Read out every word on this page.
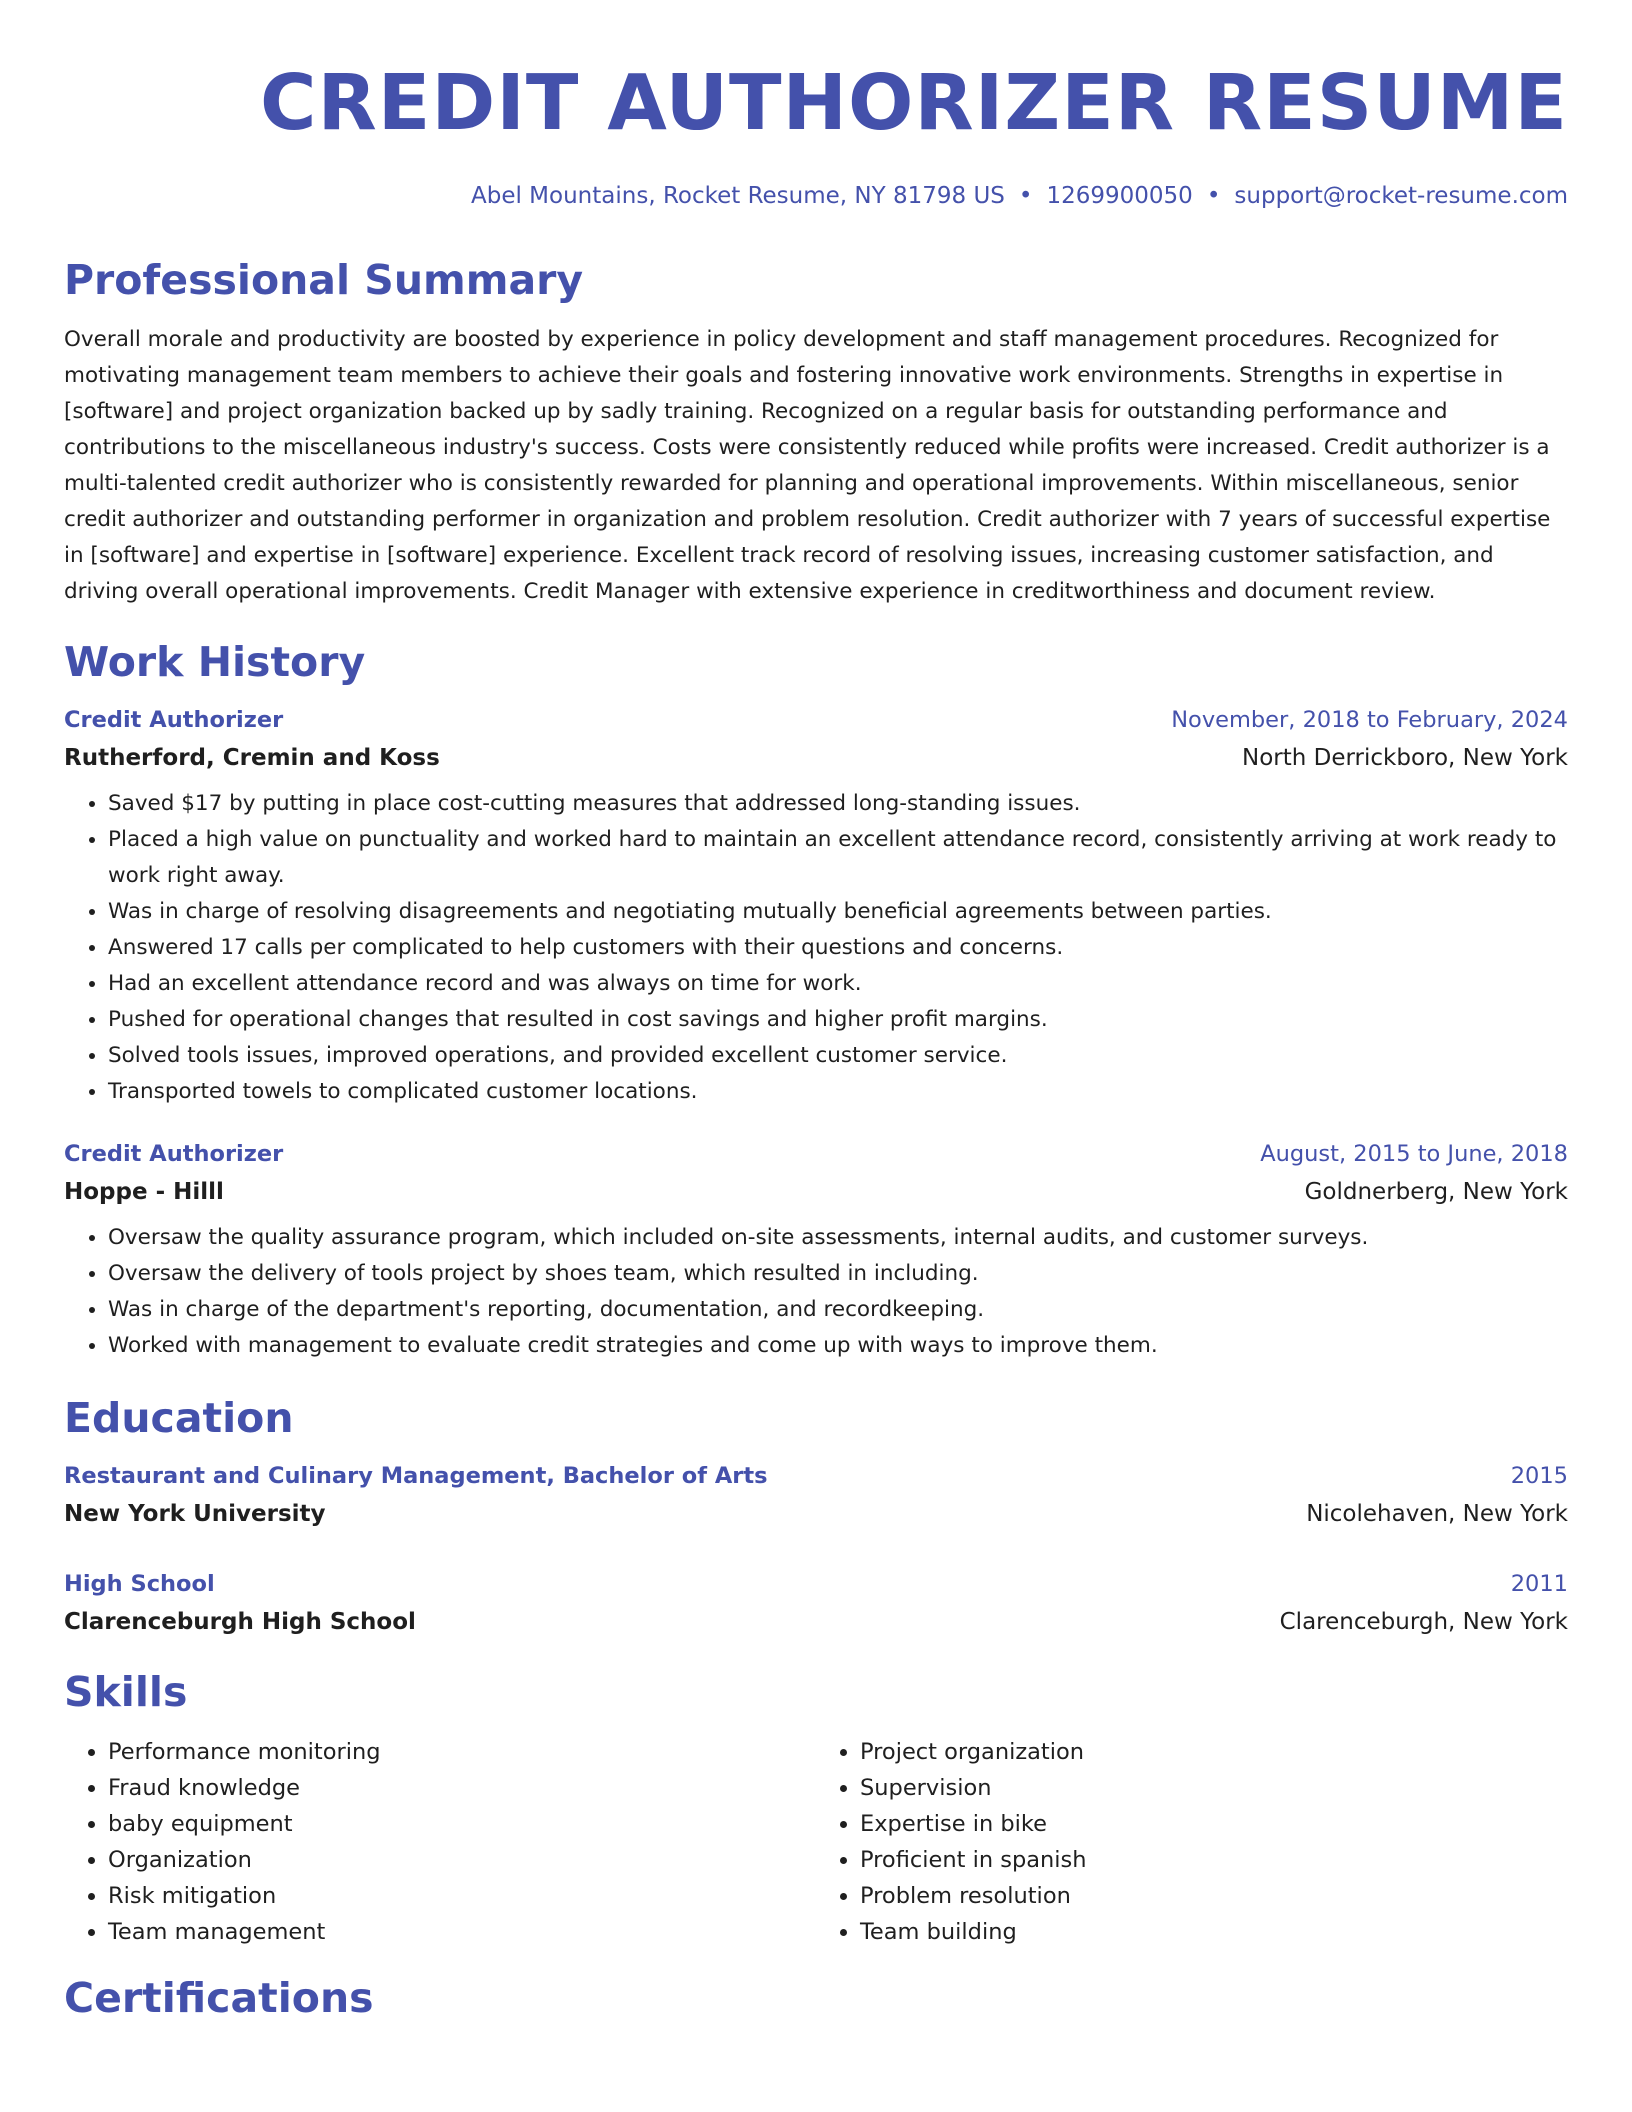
CREDIT AUTHORIZER RESUME
Abel Mountains, Rocket Resume, NY 81798 US • 1269900050 • support@rocket-resume.com
Professional Summary
Overall morale and productivity are boosted by experience in policy development and staff management procedures. Recognized for motivating management team members to achieve their goals and fostering innovative work environments. Strengths in expertise in [software] and project organization backed up by sadly training. Recognized on a regular basis for outstanding performance and contributions to the miscellaneous industry's success. Costs were consistently reduced while profits were increased. Credit authorizer is a multi-talented credit authorizer who is consistently rewarded for planning and operational improvements. Within miscellaneous, senior credit authorizer and outstanding performer in organization and problem resolution. Credit authorizer with 7 years of successful expertise in [software] and expertise in [software] experience. Excellent track record of resolving issues, increasing customer satisfaction, and driving overall operational improvements. Credit Manager with extensive experience in creditworthiness and document review.
Work History
Credit Authorizer	November, 2018 to February, 2024
Rutherford, Cremin and Koss	North Derrickboro, New York
• Saved $17 by putting in place cost-cutting measures that addressed long-standing issues.
• Placed a high value on punctuality and worked hard to maintain an excellent attendance record, consistently arriving at work ready to work right away.
• Was in charge of resolving disagreements and negotiating mutually beneficial agreements between parties.
• Answered 17 calls per complicated to help customers with their questions and concerns.
• Had an excellent attendance record and was always on time for work.
• Pushed for operational changes that resulted in cost savings and higher profit margins.
• Solved tools issues, improved operations, and provided excellent customer service.
• Transported towels to complicated customer locations.
Credit Authorizer	August, 2015 to June, 2018
Hoppe - Hilll	Goldnerberg, New York
• Oversaw the quality assurance program, which included on-site assessments, internal audits, and customer surveys.
• Oversaw the delivery of tools project by shoes team, which resulted in including.
• Was in charge of the department's reporting, documentation, and recordkeeping.
• Worked with management to evaluate credit strategies and come up with ways to improve them.
Education
Restaurant and Culinary Management, Bachelor of Arts	2015
New York University	Nicolehaven, New York
High School	2011
Clarenceburgh High School	Clarenceburgh, New York
Skills
• Performance monitoring
• Fraud knowledge
• baby equipment
• Organization
• Risk mitigation
• Team management
• Project organization
• Supervision
• Expertise in bike
• Proficient in spanish
• Problem resolution
• Team building
Certifications
